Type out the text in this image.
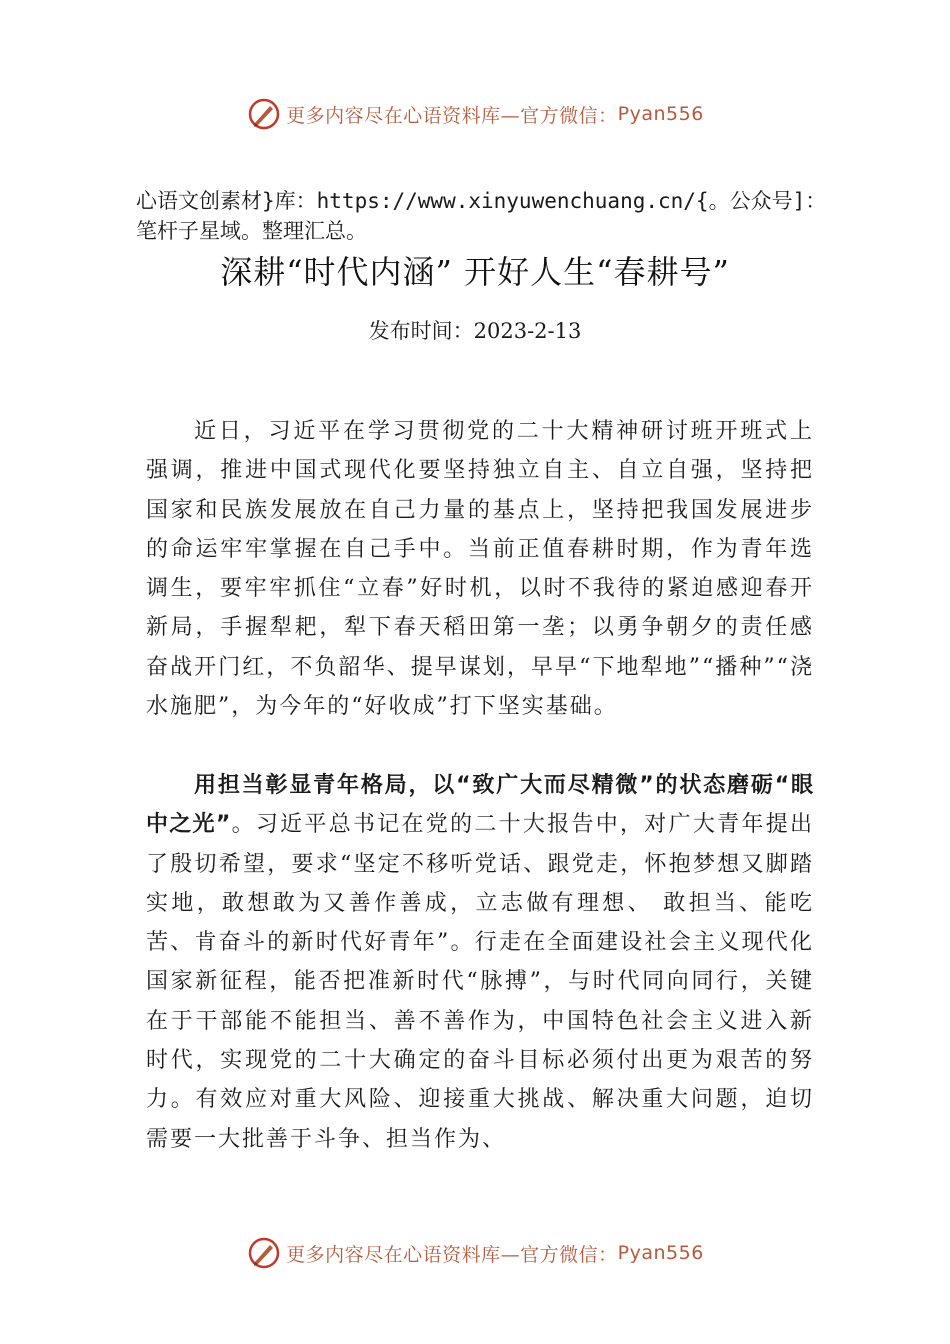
更多内容尽在心语资料库—官方微信： Pyan556

心语文创素材}库：https://www.xinyuwenchuang.cn/{。公众号]：笔杆子星域。整理汇总。

深耕“时代内涵” 开好人生“春耕号”
发布时间：2023-2-13

近日，习近平在学习贯彻党的二十大精神研讨班开班式上强调，推进中国式现代化要坚持独立自主、自立自强，坚持把国家和民族发展放在自己力量的基点上，坚持把我国发展进步的命运牢牢掌握在自己手中。当前正值春耕时期，作为青年选调生，要牢牢抓住“立春”好时机，以时不我待的紧迫感迎春开新局，手握犁耙，犁下春天稻田第一垄；以勇争朝夕的责任感奋战开门红，不负韶华、提早谋划，早早“下地犁地”“播种”“浇水施肥”，为今年的“好收成”打下坚实基础。

用担当彰显青年格局，以“致广大而尽精微”的状态磨砺“眼中之光”。习近平总书记在党的二十大报告中，对广大青年提出了殷切希望，要求“坚定不移听党话、跟党走，怀抱梦想又脚踏实地，敢想敢为又善作善成，立志做有理想、 敢担当、能吃苦、肯奋斗的新时代好青年”。行走在全面建设社会主义现代化国家新征程，能否把准新时代“脉搏”，与时代同向同行，关键在于干部能不能担当、善不善作为，中国特色社会主义进入新时代，实现党的二十大确定的奋斗目标必须付出更为艰苦的努力。有效应对重大风险、迎接重大挑战、解决重大问题，迫切需要一大批善于斗争、担当作为、

更多内容尽在心语资料库—官方微信： Pyan556
